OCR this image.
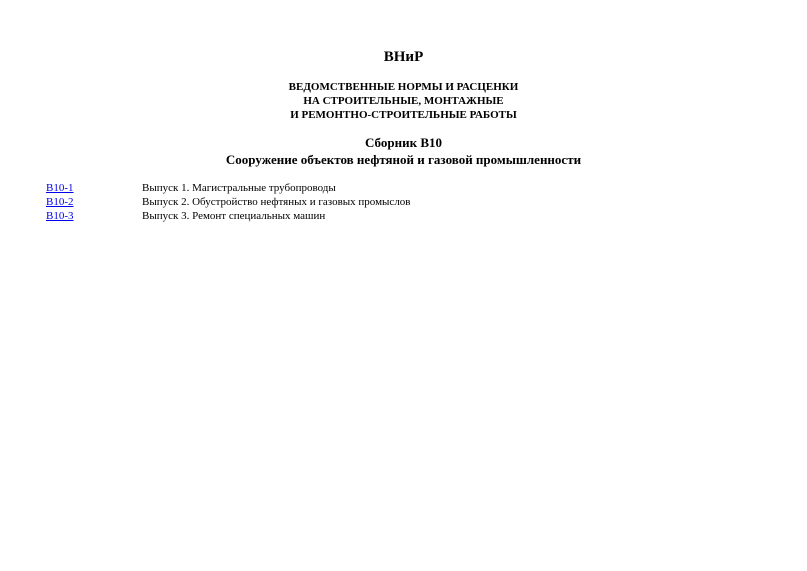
ВНиР
ВЕДОМСТВЕННЫЕ НОРМЫ И РАСЦЕНКИ
НА СТРОИТЕЛЬНЫЕ, МОНТАЖНЫЕ
И РЕМОНТНО-СТРОИТЕЛЬНЫЕ РАБОТЫ
Сборник В10
Сооружение объектов нефтяной и газовой промышленности
В10-1	Выпуск 1. Магистральные трубопроводы
В10-2	Выпуск 2. Обустройство нефтяных и газовых промыслов
В10-3	Выпуск 3. Ремонт специальных машин
